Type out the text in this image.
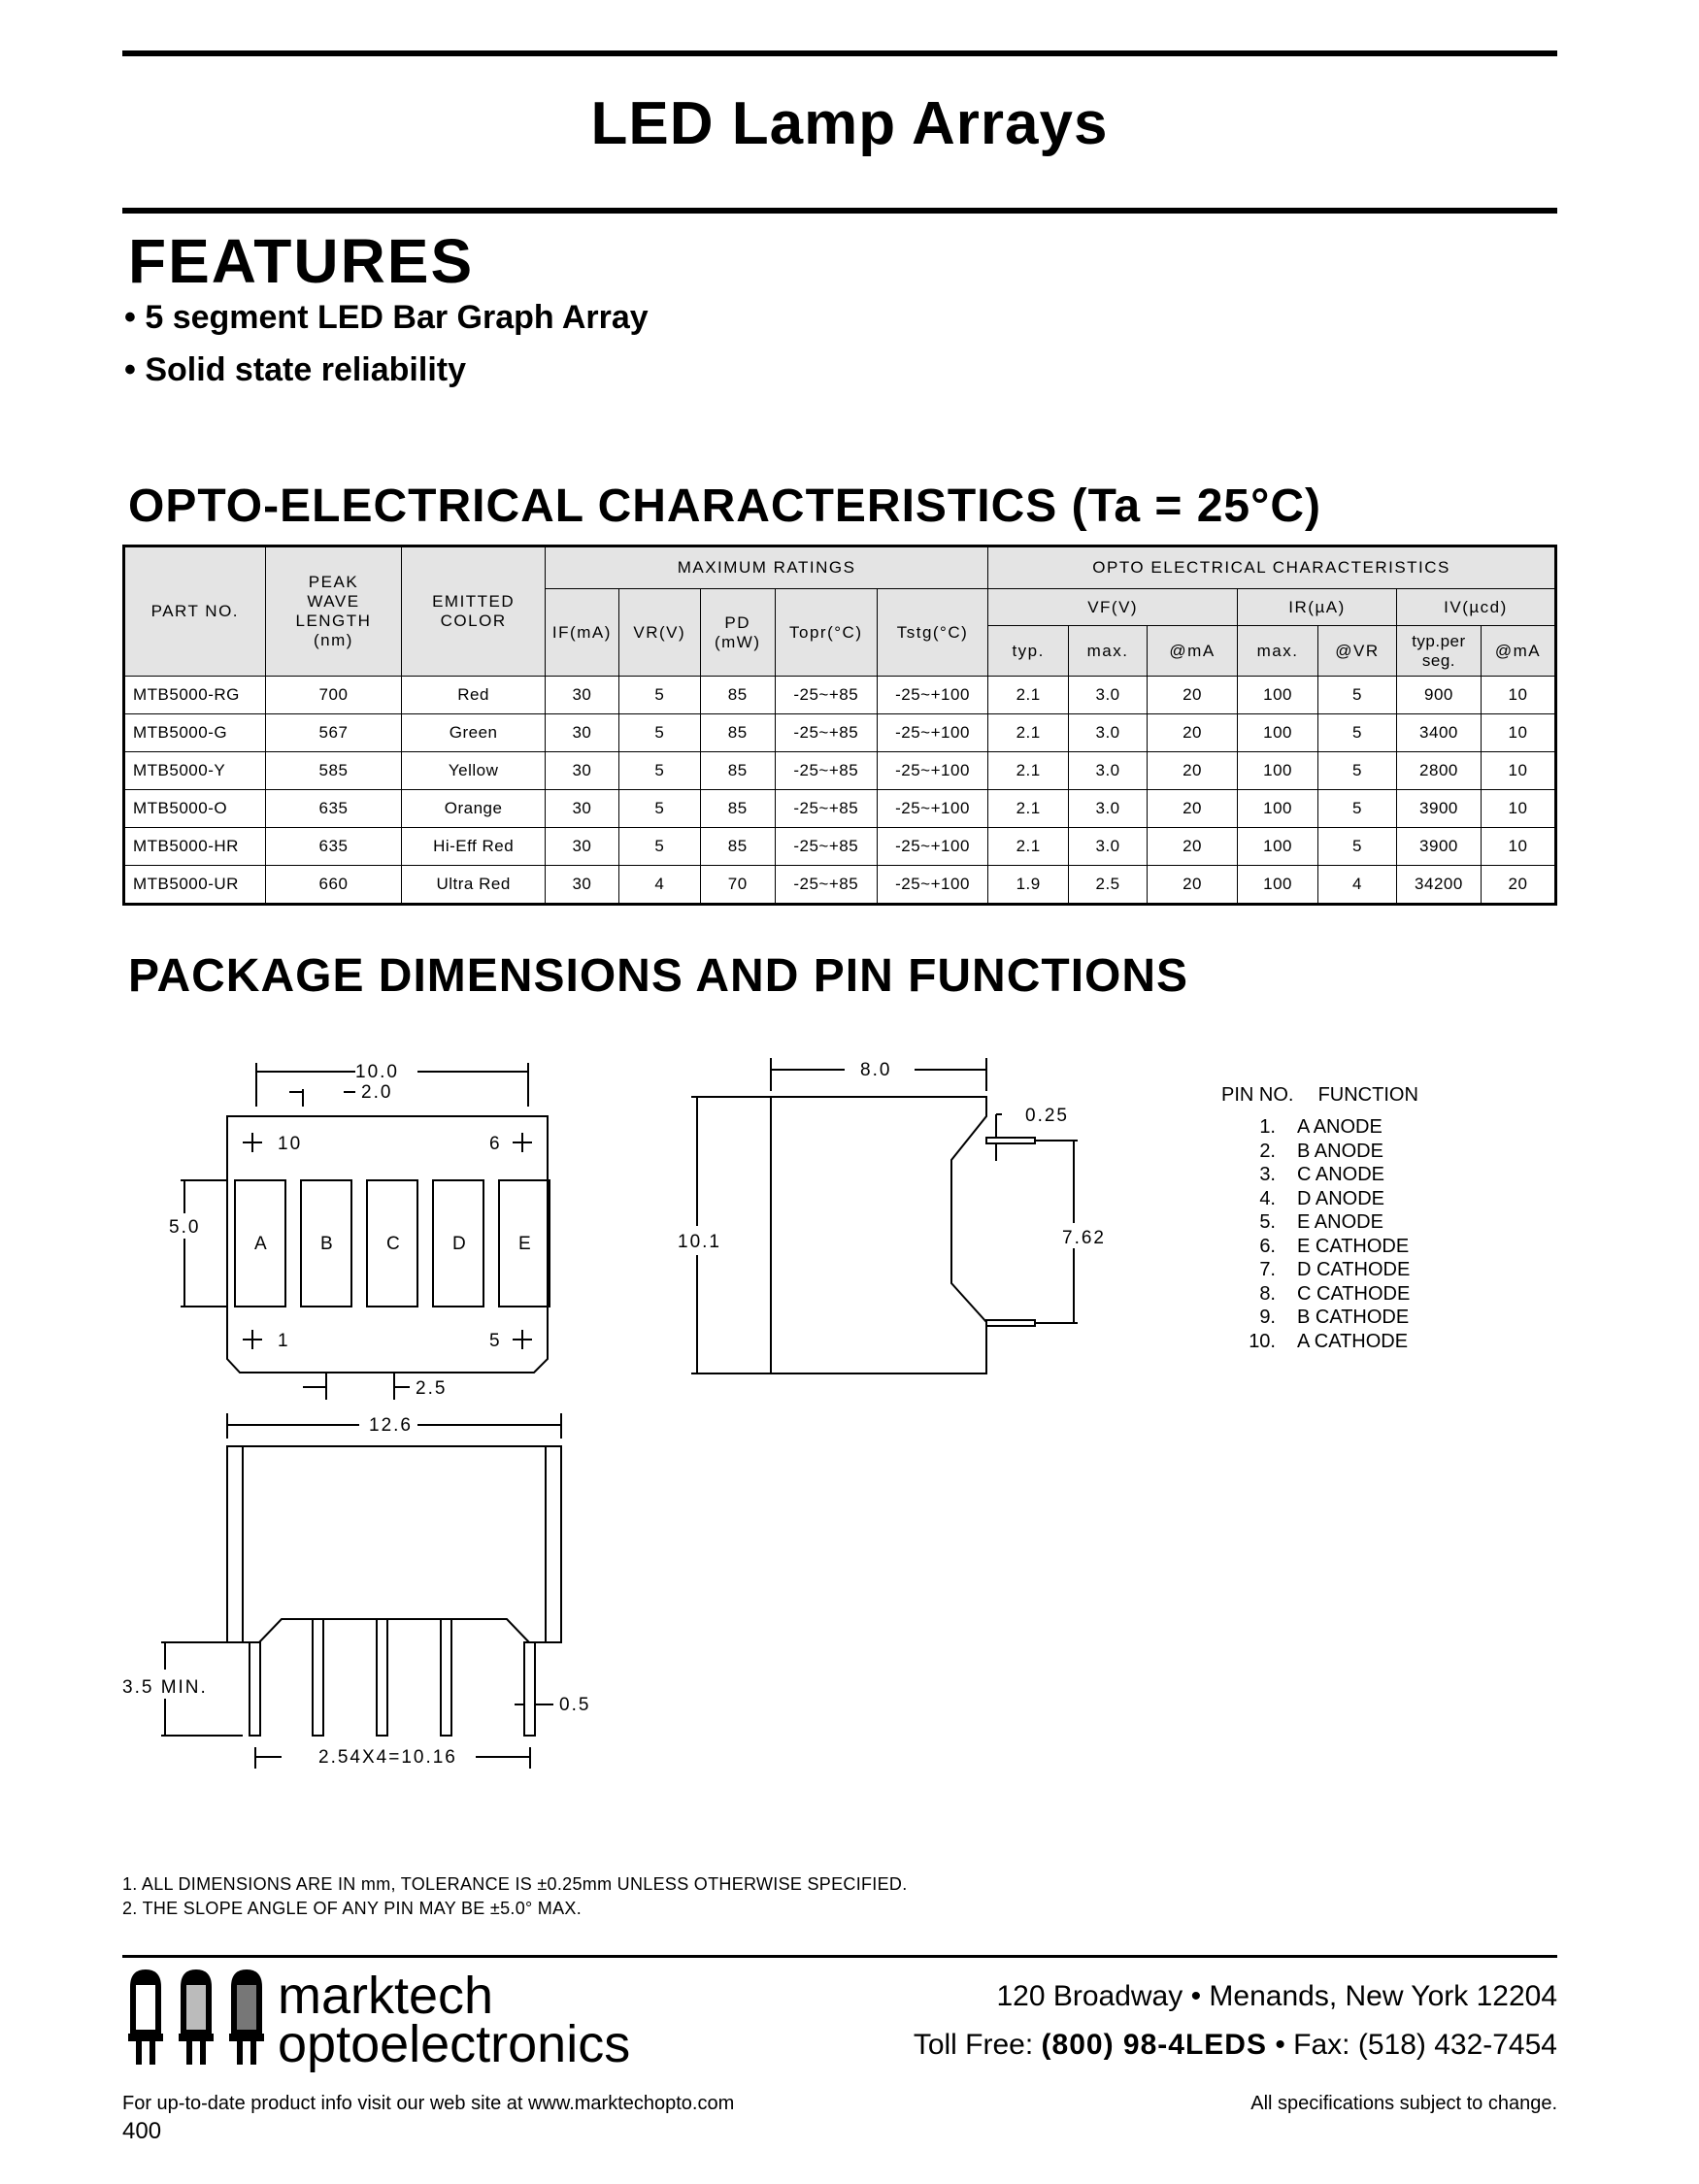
LED Lamp Arrays
FEATURES
• 5 segment LED Bar Graph Array
• Solid state reliability
OPTO-ELECTRICAL CHARACTERISTICS (Ta = 25°C)
PART NO.	PEAK WAVE LENGTH (nm)	EMITTED COLOR	MAXIMUM RATINGS					OPTO ELECTRICAL CHARACTERISTICS						
			IF(mA)	VR(V)	PD (mW)	Topr(°C)	Tstg(°C)	VF(V)			IR(µA)		IV(µcd)	
								typ.	max.	@mA	max.	@VR	typ.per seg.	@mA
MTB5000-RG	700	Red	30	5	85	-25~+85	-25~+100	2.1	3.0	20	100	5	900	10
MTB5000-G	567	Green	30	5	85	-25~+85	-25~+100	2.1	3.0	20	100	5	3400	10
MTB5000-Y	585	Yellow	30	5	85	-25~+85	-25~+100	2.1	3.0	20	100	5	2800	10
MTB5000-O	635	Orange	30	5	85	-25~+85	-25~+100	2.1	3.0	20	100	5	3900	10
MTB5000-HR	635	Hi-Eff Red	30	5	85	-25~+85	-25~+100	2.1	3.0	20	100	5	3900	10
MTB5000-UR	660	Ultra Red	30	4	70	-25~+85	-25~+100	1.9	2.5	20	100	4	34200	20
PACKAGE DIMENSIONS AND PIN FUNCTIONS
10.0
2.0
10	6
1	5
A	B	C	D	E
5.0
2.5
12.6
3.5 MIN.
0.5
2.54X4=10.16
8.0
10.1
0.25
7.62
PIN NO. FUNCTION
1. A ANODE
2. B ANODE
3. C ANODE
4. D ANODE
5. E ANODE
6. E CATHODE
7. D CATHODE
8. C CATHODE
9. B CATHODE
10. A CATHODE
1. ALL DIMENSIONS ARE IN mm, TOLERANCE IS ±0.25mm UNLESS OTHERWISE SPECIFIED.
2. THE SLOPE ANGLE OF ANY PIN MAY BE ±5.0° MAX.
marktech
optoelectronics
120 Broadway • Menands, New York 12204
Toll Free: (800) 98-4LEDS • Fax: (518) 432-7454
For up-to-date product info visit our web site at www.marktechopto.com	All specifications subject to change.
400
